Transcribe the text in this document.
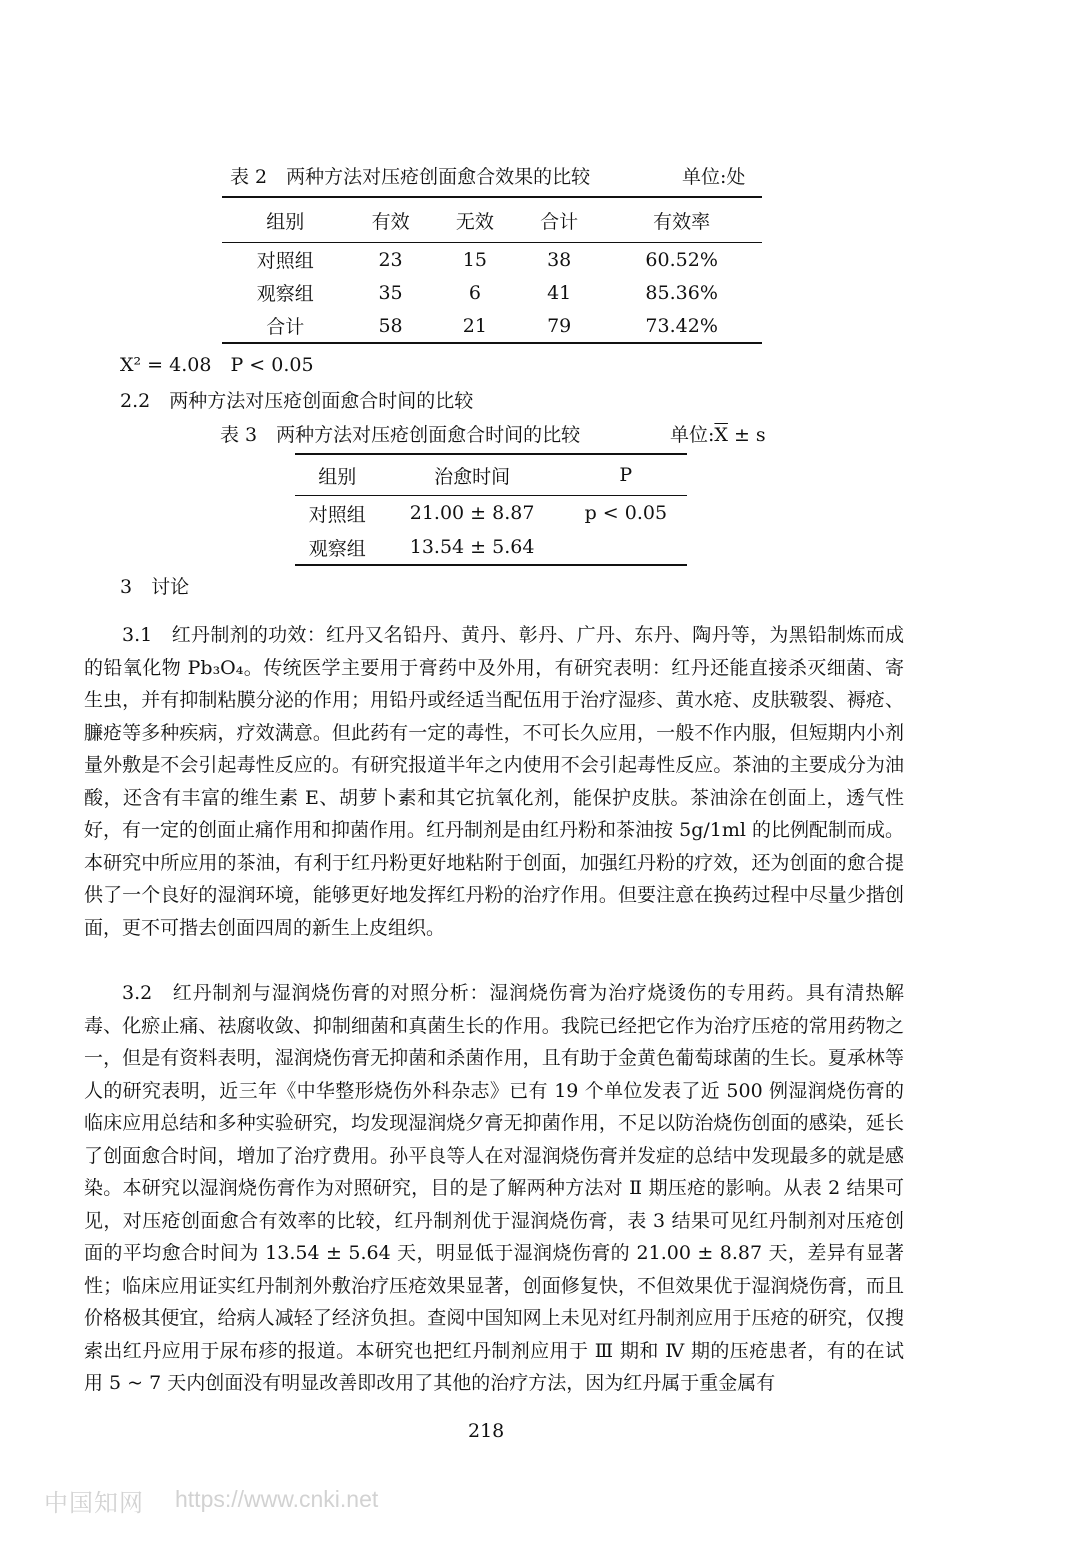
表 2　两种方法对压疮创面愈合效果的比较	单位:处
组别	有效	无效	合计	有效率
对照组	23	15	38	60.52%
观察组	35	6	41	85.36%
合计	58	21	79	73.42%
X² = 4.08　P < 0.05
2.2　两种方法对压疮创面愈合时间的比较
表 3　两种方法对压疮创面愈合时间的比较	单位$:\overline{X} \pm s$
组别	治愈时间	P
对照组	21.00 ± 8.87	p < 0.05
观察组	13.54 ± 5.64	
3　讨论

3.1　红丹制剂的功效：红丹又名铅丹、黄丹、彰丹、广丹、东丹、陶丹等，为黑铅制炼而成的铅氧化物 Pb₃O₄。传统医学主要用于膏药中及外用，有研究表明：红丹还能直接杀灭细菌、寄生虫，并有抑制粘膜分泌的作用；用铅丹或经适当配伍用于治疗湿疹、黄水疮、皮肤皲裂、褥疮、臁疮等多种疾病，疗效满意。但此药有一定的毒性，不可长久应用，一般不作内服，但短期内小剂量外敷是不会引起毒性反应的。有研究报道半年之内使用不会引起毒性反应。茶油的主要成分为油酸，还含有丰富的维生素 E、胡萝卜素和其它抗氧化剂，能保护皮肤。茶油涂在创面上，透气性好，有一定的创面止痛作用和抑菌作用。红丹制剂是由红丹粉和茶油按 5g/1ml 的比例配制而成。本研究中所应用的茶油，有利于红丹粉更好地粘附于创面，加强红丹粉的疗效，还为创面的愈合提供了一个良好的湿润环境，能够更好地发挥红丹粉的治疗作用。但要注意在换药过程中尽量少揩创面，更不可揩去创面四周的新生上皮组织。

3.2　红丹制剂与湿润烧伤膏的对照分析：湿润烧伤膏为治疗烧烫伤的专用药。具有清热解毒、化瘀止痛、祛腐收敛、抑制细菌和真菌生长的作用。我院已经把它作为治疗压疮的常用药物之一，但是有资料表明，湿润烧伤膏无抑菌和杀菌作用，且有助于金黄色葡萄球菌的生长。夏承林等人的研究表明，近三年《中华整形烧伤外科杂志》已有 19 个单位发表了近 500 例湿润烧伤膏的临床应用总结和多种实验研究，均发现湿润烧夕膏无抑菌作用，不足以防治烧伤创面的感染，延长了创面愈合时间，增加了治疗费用。孙平良等人在对湿润烧伤膏并发症的总结中发现最多的就是感染。本研究以湿润烧伤膏作为对照研究，目的是了解两种方法对 Ⅱ 期压疮的影响。从表 2 结果可见，对压疮创面愈合有效率的比较，红丹制剂优于湿润烧伤膏，表 3 结果可见红丹制剂对压疮创面的平均愈合时间为 13.54 ± 5.64 天，明显低于湿润烧伤膏的 21.00 ± 8.87 天，差异有显著性；临床应用证实红丹制剂外敷治疗压疮效果显著，创面修复快，不但效果优于湿润烧伤膏，而且价格极其便宜，给病人减轻了经济负担。查阅中国知网上未见对红丹制剂应用于压疮的研究，仅搜索出红丹应用于尿布疹的报道。本研究也把红丹制剂应用于 Ⅲ 期和 Ⅳ 期的压疮患者，有的在试用 5 ~ 7 天内创面没有明显改善即改用了其他的治疗方法，因为红丹属于重金属有

218
中国知网 https://www.cnki.net
